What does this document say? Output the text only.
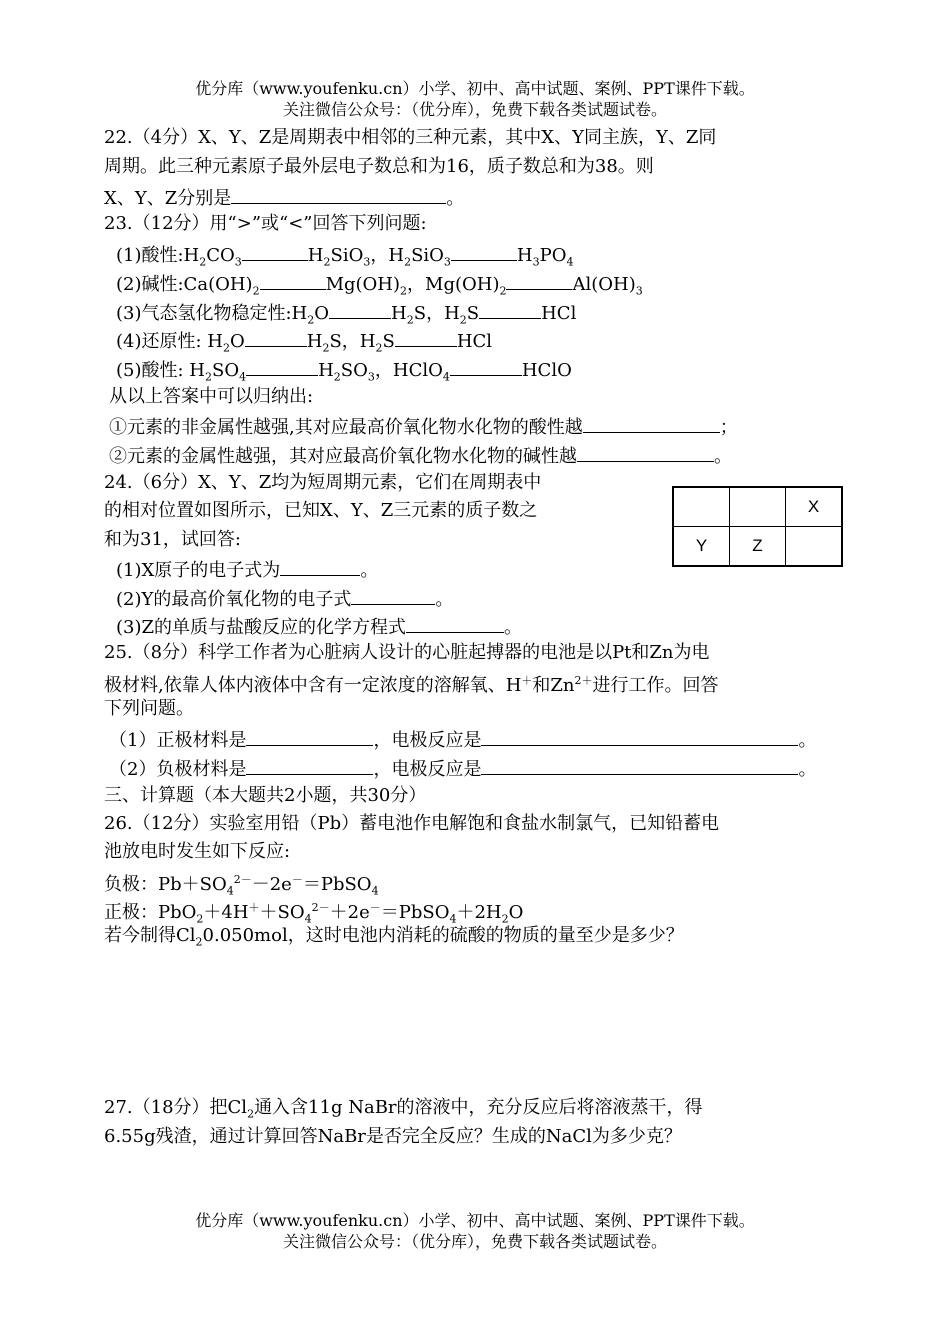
优分库（www.youfenku.cn）小学、初中、高中试题、案例、PPT课件下载。
关注微信公众号：（优分库），免费下载各类试题试卷。
22.（4分）X、Y、Z是周期表中相邻的三种元素，其中X、Y同主族，Y、Z同
周期。此三种元素原子最外层电子数总和为16，质子数总和为38。则
X、Y、Z分别是	。
23.（12分）用“>”或“<”回答下列问题:
(1)酸性$:H_2CO_3$	$H_2SiO_3$，$H_2SiO_3$	$H_3PO_4$
(2)碱性$:Ca(OH)_2$	$Mg(OH)_2$，$Mg(OH)_2$	$Al(OH)_3$
(3)气态氢化物稳定性$:H_2O$	$H_2S$，$H_2S$	HCl
(4)还原性: $H_2O$	$H_2S$，$H_2S$	HCl
(5)酸性: $H_2SO_4$	$H_2SO_3$，HClO$_4$	HClO
从以上答案中可以归纳出:
①元素的非金属性越强,其对应最高价氧化物水化物的酸性越	；
②元素的金属性越强，其对应最高价氧化物水化物的碱性越	。
24.（6分）X、Y、Z均为短周期元素，它们在周期表中
的相对位置如图所示，已知X、Y、Z三元素的质子数之
和为31，试回答:
(1)X原子的电子式为	。
(2)Y的最高价氧化物的电子式	。
(3)Z的单质与盐酸反应的化学方程式	。
		X
Y	Z	
25.（8分）科学工作者为心脏病人设计的心脏起搏器的电池是以Pt和Zn为电
极材料,依靠人体内液体中含有一定浓度的溶解氧、H＋和$Zn^{2+}$进行工作。回答
下列问题。
（1）正极材料是	，电极反应是	。
（2）负极材料是	，电极反应是	。
三、计算题（本大题共2小题，共30分）
26.（12分）实验室用铅（Pb）蓄电池作电解饱和食盐水制氯气，已知铅蓄电
池放电时发生如下反应:
负极：$Pb+SO_4^{2-}-2e^-=PbSO_4$
正极：$PbO_2+4H^++SO_4^{2-}+2e^-=PbSO_4+2H_2O$
若今制得$Cl_20.050mol$，这时电池内消耗的硫酸的物质的量至少是多少？
27.（18分）把$Cl_2$通入含11g NaBr的溶液中，充分反应后将溶液蒸干，得
6.55g残渣，通过计算回答NaBr是否完全反应？生成的NaCl为多少克？
优分库（www.youfenku.cn）小学、初中、高中试题、案例、PPT课件下载。
关注微信公众号：（优分库），免费下载各类试题试卷。
